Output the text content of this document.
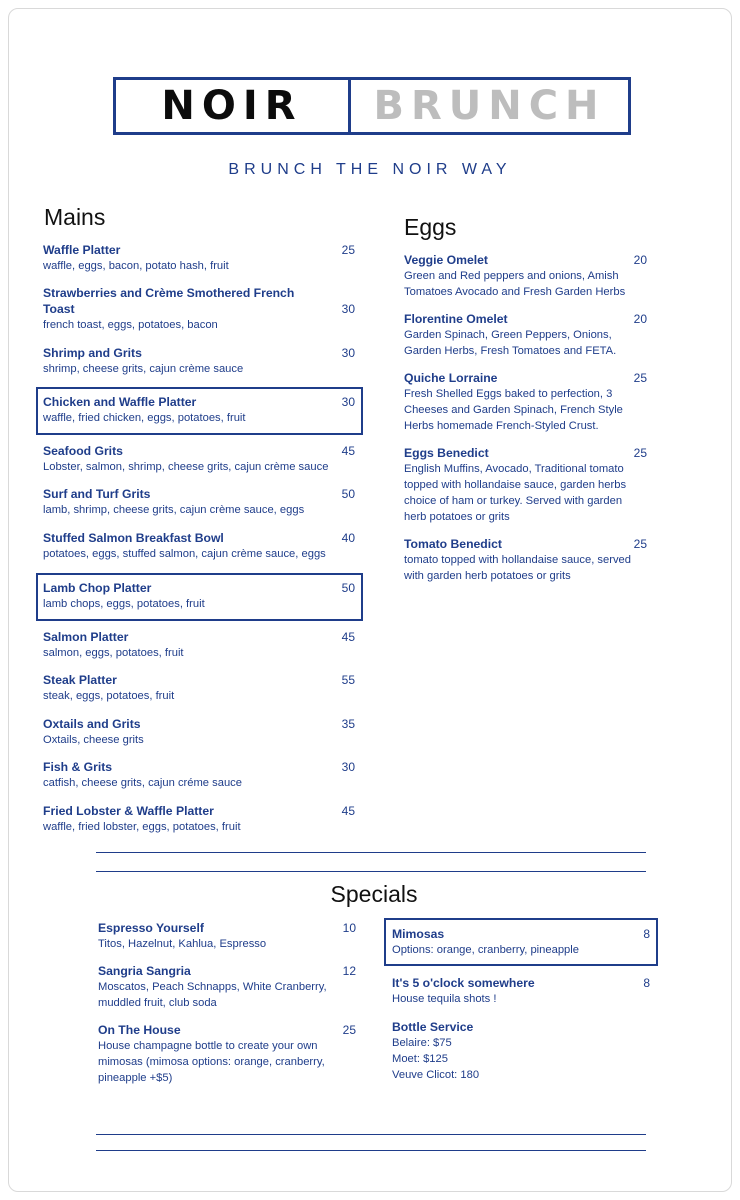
NOIR	BRUNCH
BRUNCH THE NOIR WAY
Mains
Waffle Platter
waffle, eggs, bacon, potato hash, fruit
25
Strawberries and Crème Smothered French Toast
french toast, eggs, potatoes, bacon
30
Shrimp and Grits
shrimp, cheese grits, cajun crème sauce
30
Chicken and Waffle Platter
waffle, fried chicken, eggs, potatoes, fruit
30
Seafood Grits
Lobster, salmon, shrimp, cheese grits, cajun crème sauce
45
Surf and Turf Grits
lamb, shrimp, cheese grits, cajun crème sauce, eggs
50
Stuffed Salmon Breakfast Bowl
potatoes, eggs, stuffed salmon, cajun crème sauce, eggs
40
Lamb Chop Platter
lamb chops, eggs, potatoes, fruit
50
Salmon Platter
salmon, eggs, potatoes, fruit
45
Steak Platter
steak, eggs, potatoes, fruit
55
Oxtails and Grits
Oxtails, cheese grits
35
Fish & Grits
catfish, cheese grits, cajun créme sauce
30
Fried Lobster & Waffle Platter
waffle, fried lobster, eggs, potatoes, fruit
45
Eggs
Veggie Omelet
Green and Red peppers and onions, Amish Tomatoes Avocado and Fresh Garden Herbs
20
Florentine Omelet
Garden Spinach, Green Peppers, Onions, Garden Herbs, Fresh Tomatoes and FETA.
20
Quiche Lorraine
Fresh Shelled Eggs baked to perfection, 3 Cheeses and Garden Spinach, French Style Herbs homemade French-Styled Crust.
25
Eggs Benedict
English Muffins, Avocado, Traditional tomato topped with hollandaise sauce, garden herbs choice of ham or turkey. Served with garden herb potatoes or grits
25
Tomato Benedict
tomato topped with hollandaise sauce, served with garden herb potatoes or grits
25
Specials
Espresso Yourself
Titos, Hazelnut, Kahlua, Espresso
10
Sangria Sangria
Moscatos, Peach Schnapps, White Cranberry, muddled fruit, club soda
12
On The House
House champagne bottle to create your own mimosas (mimosa options: orange, cranberry, pineapple +$5)
25
Mimosas
Options: orange, cranberry, pineapple
8
It's 5 o'clock somewhere
House tequila shots !
8
Bottle Service
Belaire: $75
Moet: $125
Veuve Clicot: 180
